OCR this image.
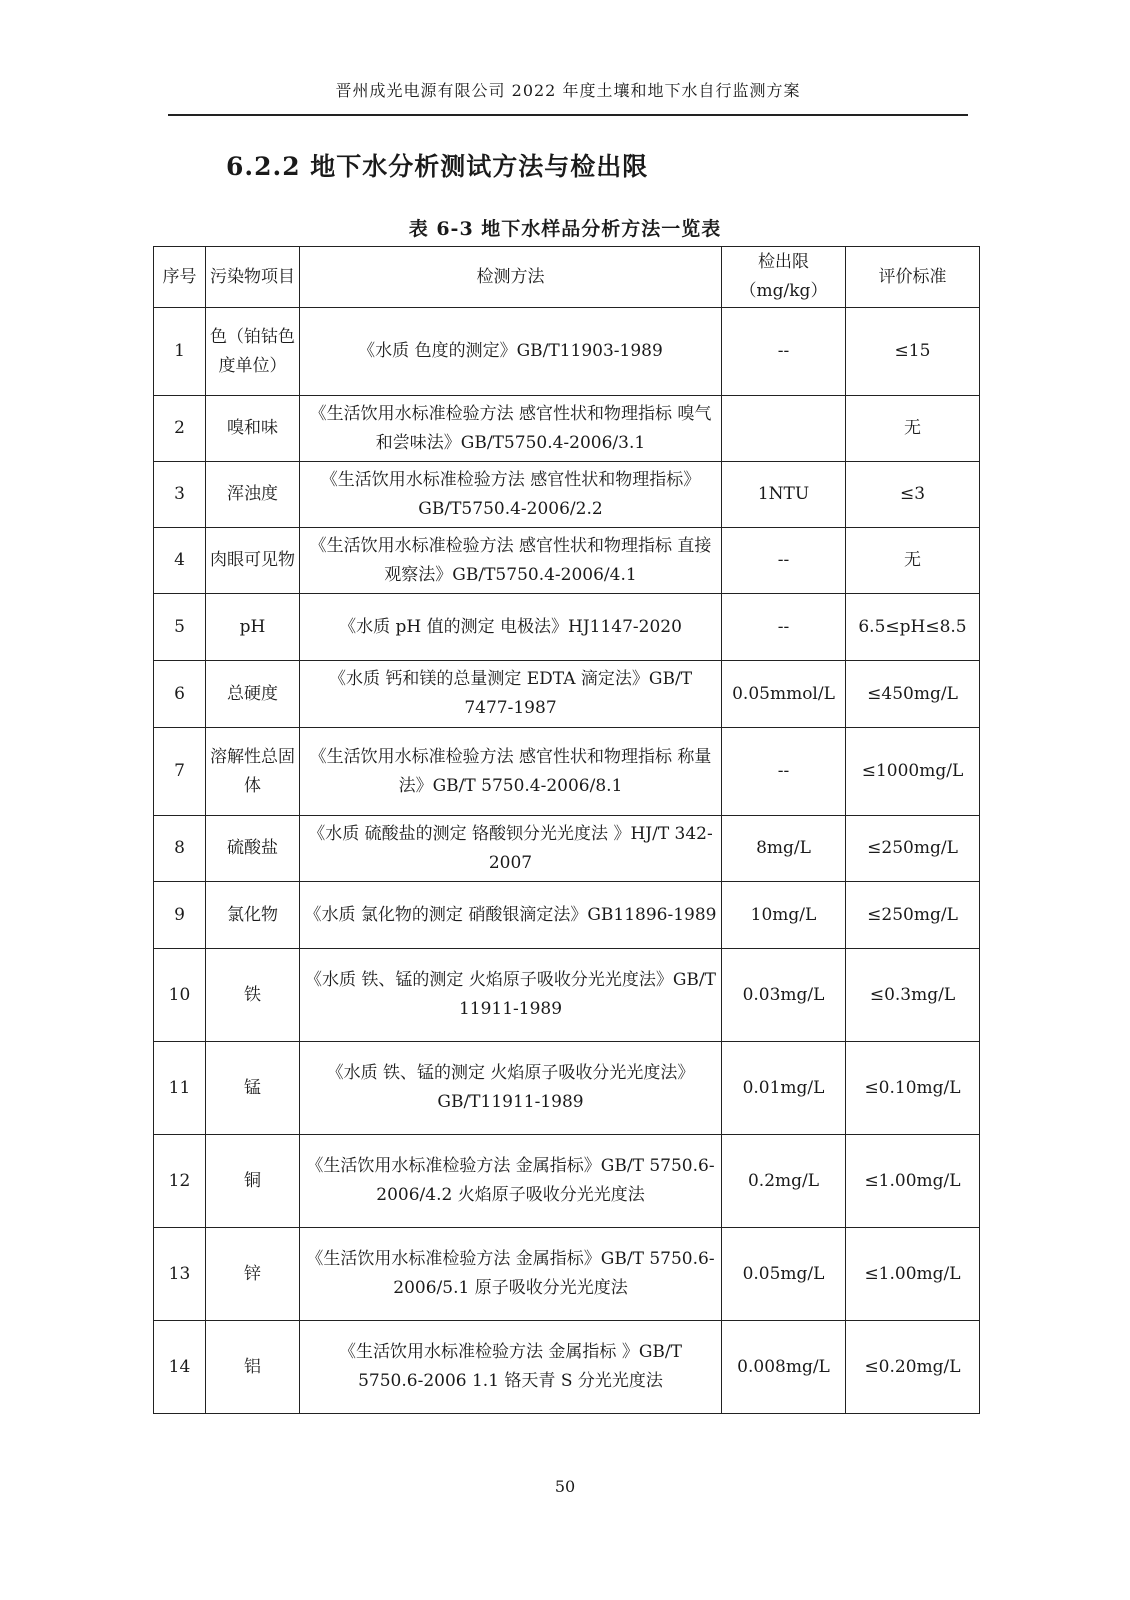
晋州成光电源有限公司 2022 年度土壤和地下水自行监测方案
6.2.2 地下水分析测试方法与检出限
表 6-3 地下水样品分析方法一览表
序号	污染物项目	检测方法	检出限（mg/kg）	评价标准
1	色（铂钴色度单位）	《水质 色度的测定》GB/T11903-1989	--	≤15
2	嗅和味	《生活饮用水标准检验方法 感官性状和物理指标 嗅气和尝味法》GB/T5750.4-2006/3.1		无
3	浑浊度	《生活饮用水标准检验方法 感官性状和物理指标》GB/T5750.4-2006/2.2	1NTU	≤3
4	肉眼可见物	《生活饮用水标准检验方法 感官性状和物理指标 直接观察法》GB/T5750.4-2006/4.1	--	无
5	pH	《水质 pH 值的测定 电极法》HJ1147-2020	--	6.5≤pH≤8.5
6	总硬度	《水质 钙和镁的总量测定 EDTA 滴定法》GB/T 7477-1987	0.05mmol/L	≤450mg/L
7	溶解性总固体	《生活饮用水标准检验方法 感官性状和物理指标 称量法》GB/T 5750.4-2006/8.1	--	≤1000mg/L
8	硫酸盐	《水质 硫酸盐的测定 铬酸钡分光光度法 》HJ/T 342-2007	8mg/L	≤250mg/L
9	氯化物	《水质 氯化物的测定 硝酸银滴定法》GB11896-1989	10mg/L	≤250mg/L
10	铁	《水质 铁、锰的测定 火焰原子吸收分光光度法》GB/T 11911-1989	0.03mg/L	≤0.3mg/L
11	锰	《水质 铁、锰的测定 火焰原子吸收分光光度法》GB/T11911-1989	0.01mg/L	≤0.10mg/L
12	铜	《生活饮用水标准检验方法 金属指标》GB/T 5750.6-2006/4.2 火焰原子吸收分光光度法	0.2mg/L	≤1.00mg/L
13	锌	《生活饮用水标准检验方法 金属指标》GB/T 5750.6-2006/5.1 原子吸收分光光度法	0.05mg/L	≤1.00mg/L
14	铝	《生活饮用水标准检验方法 金属指标 》GB/T 5750.6-2006 1.1 铬天青 S 分光光度法	0.008mg/L	≤0.20mg/L
50
